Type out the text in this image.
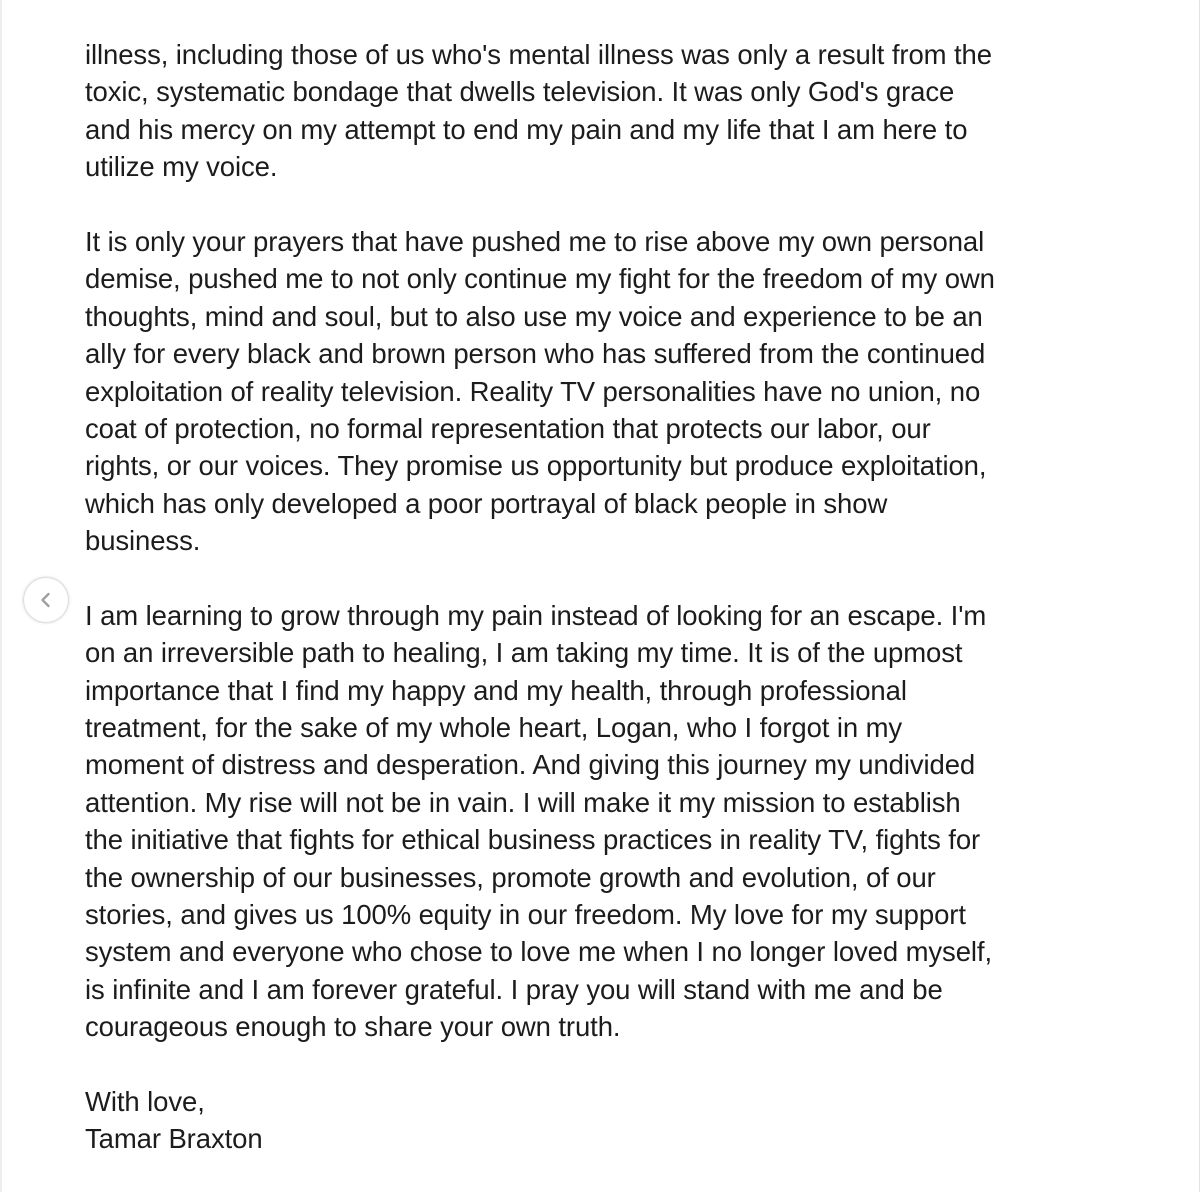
illness, including those of us who's mental illness was only a result from the
toxic, systematic bondage that dwells television. It was only God's grace
and his mercy on my attempt to end my pain and my life that I am here to
utilize my voice.
It is only your prayers that have pushed me to rise above my own personal
demise, pushed me to not only continue my fight for the freedom of my own
thoughts, mind and soul, but to also use my voice and experience to be an
ally for every black and brown person who has suffered from the continued
exploitation of reality television. Reality TV personalities have no union, no
coat of protection, no formal representation that protects our labor, our
rights, or our voices. They promise us opportunity but produce exploitation,
which has only developed a poor portrayal of black people in show
business.
I am learning to grow through my pain instead of looking for an escape. I'm
on an irreversible path to healing, I am taking my time. It is of the upmost
importance that I find my happy and my health, through professional
treatment, for the sake of my whole heart, Logan, who I forgot in my
moment of distress and desperation. And giving this journey my undivided
attention. My rise will not be in vain. I will make it my mission to establish
the initiative that fights for ethical business practices in reality TV, fights for
the ownership of our businesses, promote growth and evolution, of our
stories, and gives us 100% equity in our freedom. My love for my support
system and everyone who chose to love me when I no longer loved myself,
is infinite and I am forever grateful. I pray you will stand with me and be
courageous enough to share your own truth.
With love,
Tamar Braxton
